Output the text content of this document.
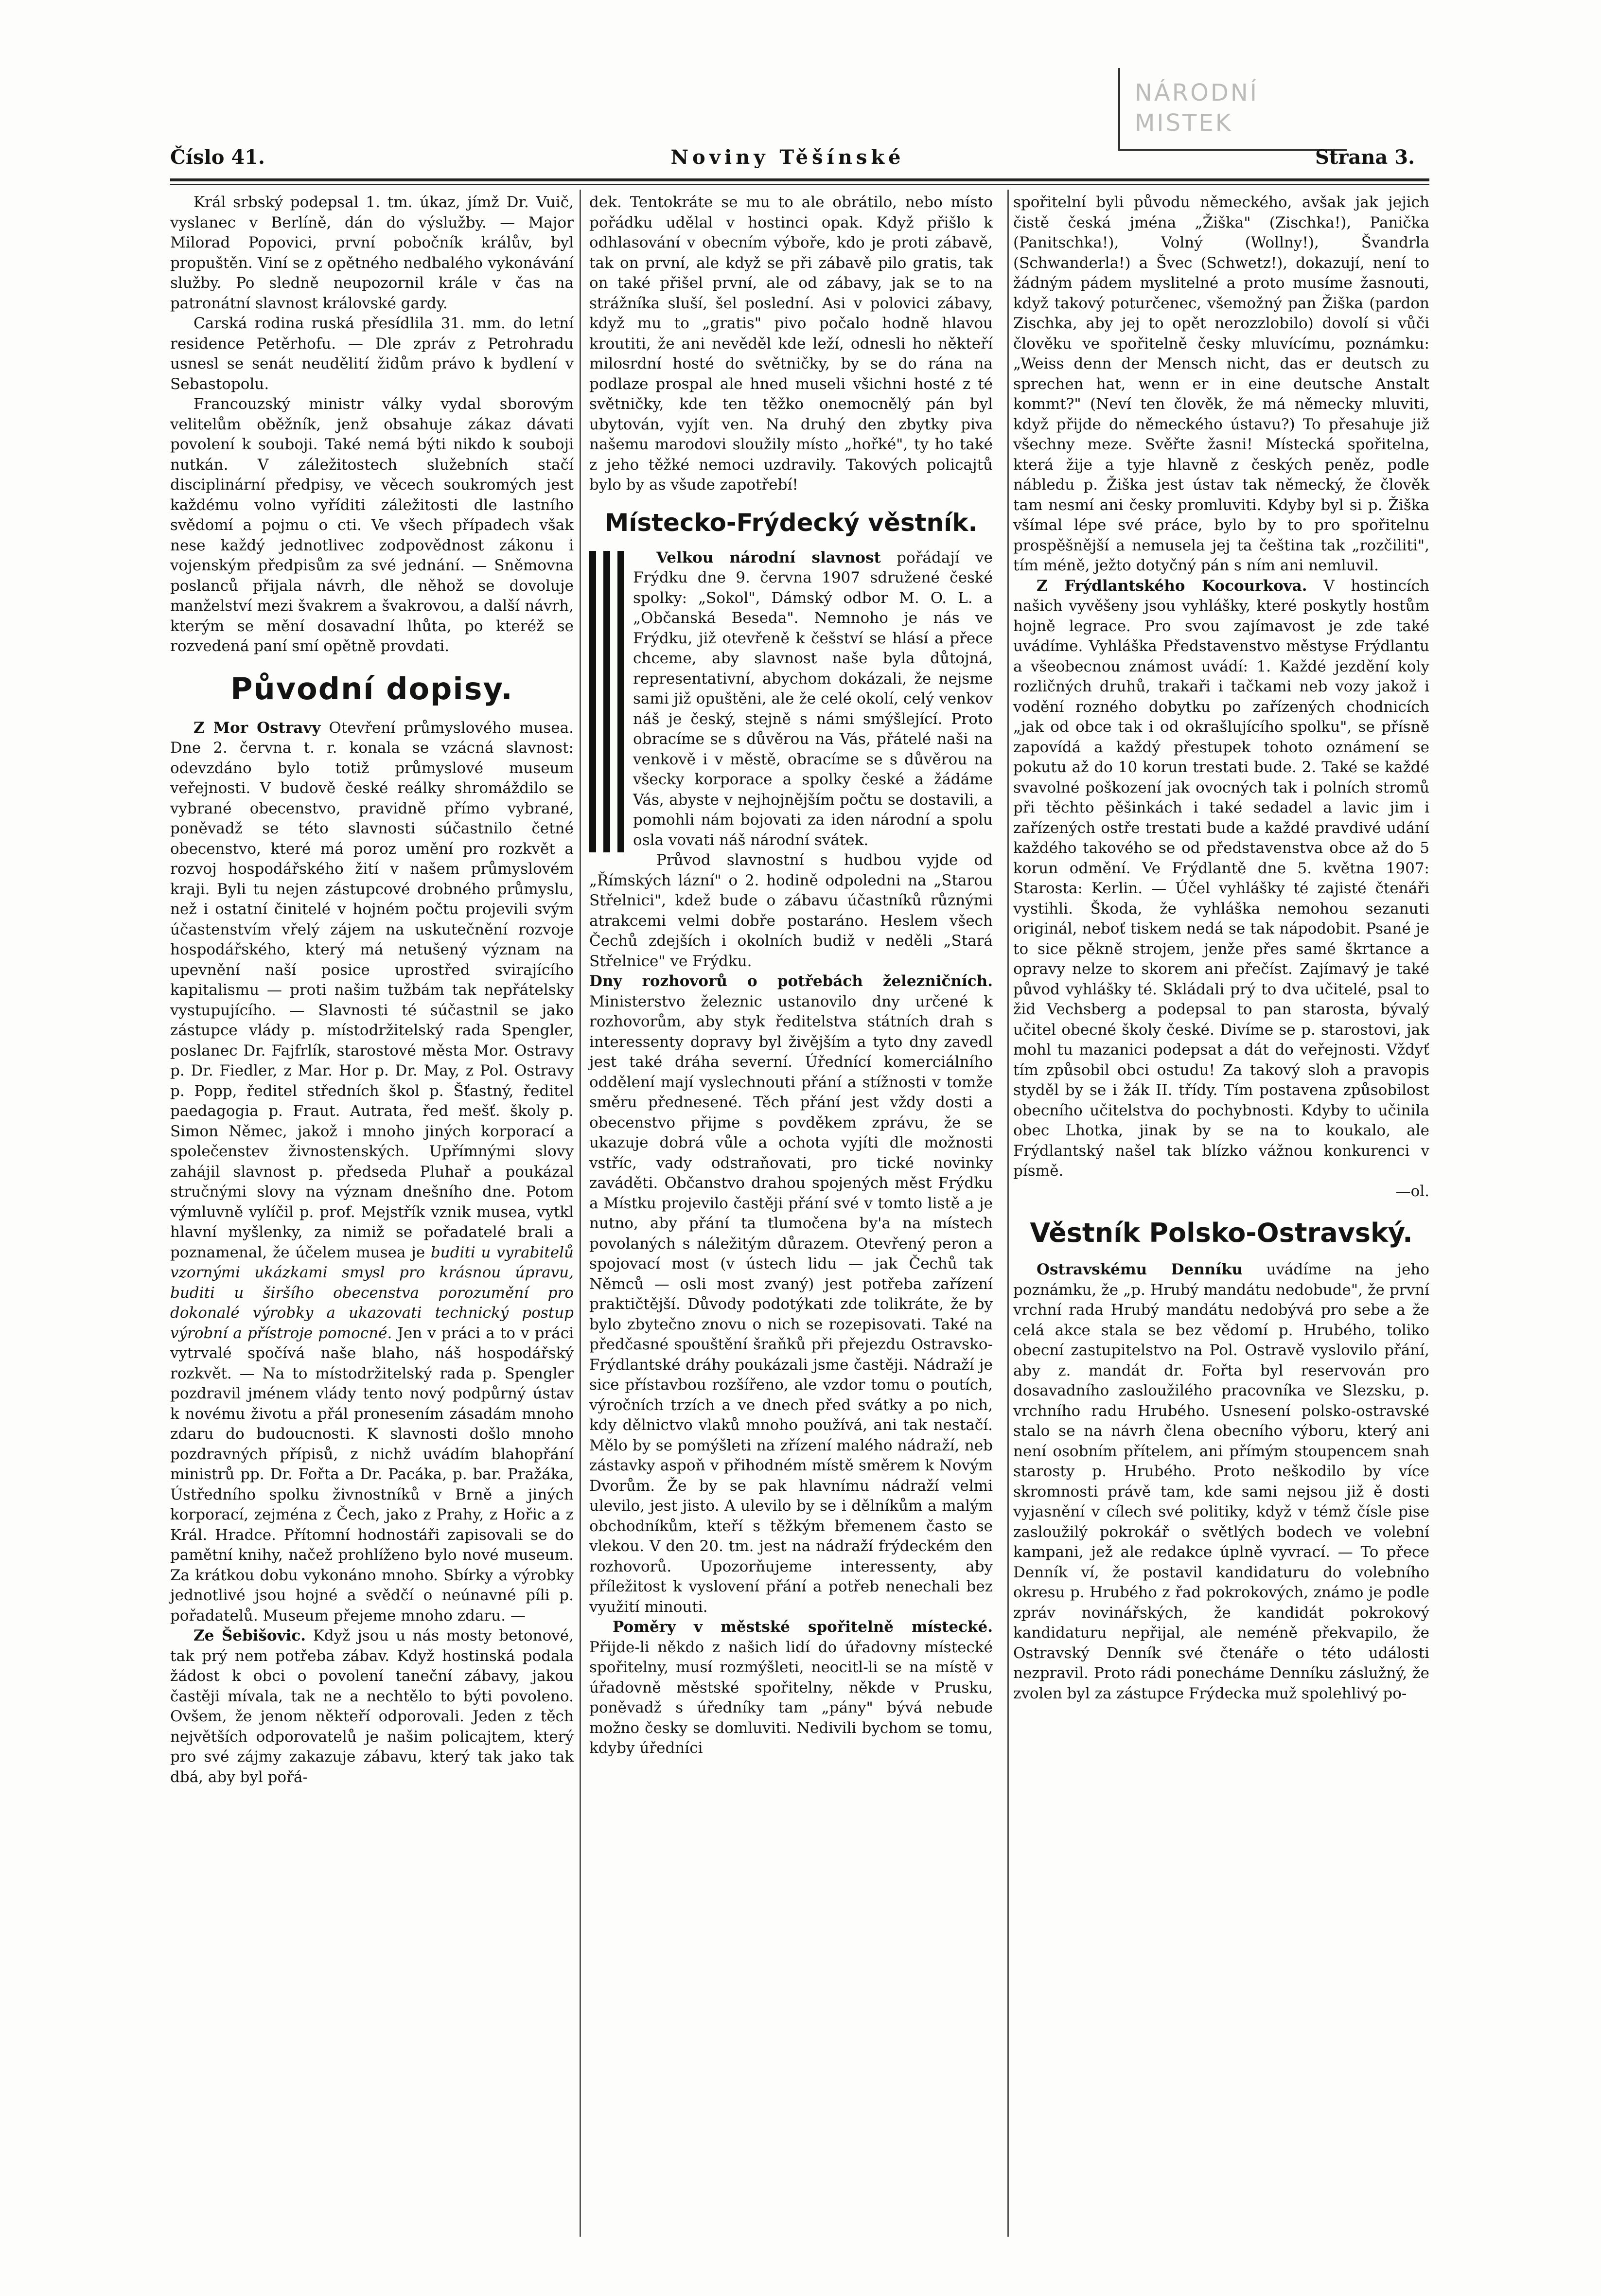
NÁRODNÍ
MISTEK
Číslo 41.	Noviny Těšínské	Strana 3.

Král srbský podepsal 1. tm. úkaz, jímž Dr. Vuič, vyslanec v Berlíně, dán do výslužby. — Major Milorad Popovici, první pobočník králův, byl propuštěn. Viní se z opětného nedbalého vykonávání služby. Po sledně neupozornil krále v čas na patronátní slavnost královské gardy.

Carská rodina ruská přesídlila 31. mm. do letní residence Petěrhofu. — Dle zpráv z Petrohradu usnesl se senát neudělití židům právo k bydlení v Sebastopolu.

Francouzský ministr války vydal sborovým velitelům oběžník, jenž obsahuje zákaz dávati povolení k souboji. Také nemá býti nikdo k souboji nutkán. V záležitostech služebních stačí disciplinární předpisy, ve věcech soukromých jest každému volno vyříditi záležitosti dle lastního svědomí a pojmu o cti. Ve všech případech však nese každý jednotlivec zodpovědnost zákonu i vojenským předpisům za své jednání. — Sněmovna poslanců přijala návrh, dle něhož se dovoluje manželství mezi švakrem a švakrovou, a další návrh, kterým se mění dosavadní lhůta, po kteréž se rozvedená paní smí opětně provdati.

Původní dopisy.

Z Mor Ostravy Otevření průmyslového musea. Dne 2. června t. r. konala se vzácná slavnost: odevzdáno bylo totiž průmyslové museum veřejnosti. V budově české reálky shromáždilo se vybrané obecenstvo, pravidně přímo vybrané, poněvadž se této slavnosti súčastnilo četné obecenstvo, které má poroz umění pro rozkvět a rozvoj hospodářského žití v našem průmyslovém kraji. Byli tu nejen zástupcové drobného průmyslu, než i ostatní činitelé v hojném počtu projevili svým účastenstvím vřelý zájem na uskutečnění rozvoje hospodářského, který má netušený význam na upevnění naší posice uprostřed svirajícího kapitalismu — proti našim tužbám tak nepřátelsky vystupujícího. — Slavnosti té súčastnil se jako zástupce vlády p. místodržitelský rada Spengler, poslanec Dr. Fajfrlík, starostové města Mor. Ostravy p. Dr. Fiedler, z Mar. Hor p. Dr. May, z Pol. Ostravy p. Popp, ředitel středních škol p. Šťastný, ředitel paedagogia p. Fraut. Autrata, řed mešť. školy p. Simon Němec, jakož i mnoho jiných korporací a společenstev živnostenských. Upřímnými slovy zahájil slavnost p. předseda Pluhař a poukázal stručnými slovy na význam dnešního dne. Potom výmluvně vylíčil p. prof. Mejstřík vznik musea, vytkl hlavní myšlenky, za nimiž se pořadatelé brali a poznamenal, že účelem musea je buditi u vyrabitelů vzornými ukázkami smysl pro krásnou úpravu, buditi u širšího obecenstva porozumění pro dokonalé výrobky a ukazovati technický postup výrobní a přístroje pomocné. Jen v práci a to v práci vytrvalé spočívá naše blaho, náš hospodářský rozkvět. — Na to místodržitelský rada p. Spengler pozdravil jménem vlády tento nový podpůrný ústav k novému životu a přál pronesením zásadám mnoho zdaru do budoucnosti. K slavnosti došlo mnoho pozdravných přípisů, z nichž uvádím blahopřání ministrů pp. Dr. Fořta a Dr. Pacáka, p. bar. Pražáka, Ústředního spolku živnostníků v Brně a jiných korporací, zejména z Čech, jako z Prahy, z Hořic a z Král. Hradce. Přítomní hodnostáři zapisovali se do pamětní knihy, načež prohlíženo bylo nové museum. Za krátkou dobu vykonáno mnoho. Sbírky a výrobky jednotlivé jsou hojné a svědčí o neúnavné píli p. pořadatelů. Museum přejeme mnoho zdaru. —

Ze Šebišovic. Když jsou u nás mosty betonové, tak prý nem potřeba zábav. Když hostinská podala žádost k obci o povolení taneční zábavy, jakou častěji mívala, tak ne a nechtělo to býti povoleno. Ovšem, že jenom někteří odporovali. Jeden z těch největších odporovatelů je našim policajtem, který pro své zájmy zakazuje zábavu, který tak jako tak dbá, aby byl pořá-

dek. Tentokráte se mu to ale obrátilo, nebo místo pořádku udělal v hostinci opak. Když přišlo k odhlasování v obecním výboře, kdo je proti zábavě, tak on první, ale když se při zábavě pilo gratis, tak on také přišel první, ale od zábavy, jak se to na strážníka sluší, šel poslední. Asi v polovici zábavy, když mu to „gratis" pivo počalo hodně hlavou kroutiti, že ani nevěděl kde leží, odnesli ho někteří milosrdní hosté do světničky, by se do rána na podlaze prospal ale hned museli všichni hosté z té světničky, kde ten těžko onemocnělý pán byl ubytován, vyjít ven. Na druhý den zbytky piva našemu marodovi sloužily místo „hořké", ty ho také z jeho těžké nemoci uzdravily. Takových policajtů bylo by as všude zapotřebí!

Místecko-Frýdecký věstník.

Velkou národní slavnost pořádají ve Frýdku dne 9. června 1907 sdružené české spolky: „Sokol", Dámský odbor M. O. L. a „Občanská Beseda". Nemnoho je nás ve Frýdku, již otevřeně k češství se hlásí a přece chceme, aby slavnost naše byla důtojná, representativní, abychom dokázali, že nejsme sami již opuštěni, ale že celé okolí, celý venkov náš je český, stejně s námi smýšlející. Proto obracíme se s důvěrou na Vás, přátelé naši na venkově i v městě, obracíme se s důvěrou na všecky korporace a spolky české a žádáme Vás, abyste v nejhojnějším počtu se dostavili, a pomohli nám bojovati za iden národní a spolu osla vovati náš národní svátek.

Průvod slavnostní s hudbou vyjde od „Římských lázní" o 2. hodině odpoledni na „Starou Střelnici", kdež bude o zábavu účastníků různými atrakcemi velmi dobře postaráno. Heslem všech Čechů zdejších i okolních budiž v neděli „Stará Střelnice" ve Frýdku.

Dny rozhovorů o potřebách železničních. Ministerstvo železnic ustanovilo dny určené k rozhovorům, aby styk ředitelstva státních drah s interessenty dopravy byl živějším a tyto dny zavedl jest také dráha severní. Úřednící komerciálního oddělení mají vyslechnouti přání a stížnosti v tomže směru přednesené. Těch přání jest vždy dosti a obecenstvo přijme s povděkem zprávu, že se ukazuje dobrá vůle a ochota vyjíti dle možnosti vstříc, vady odstraňovati, pro tické novinky zaváděti. Občanstvo drahou spojených měst Frýdku a Místku projevilo častěji přání své v tomto listě a je nutno, aby přání ta tlumočena by'a na místech povolaných s náležitým důrazem. Otevřený peron a spojovací most (v ústech lidu — jak Čechů tak Němců — osli most zvaný) jest potřeba zařízení praktičtější. Důvody podotýkati zde tolikráte, že by bylo zbytečno znovu o nich se rozepisovati. Také na předčasné spouštění šraňků při přejezdu Ostravsko-Frýdlantské dráhy poukázali jsme častěji. Nádraží je sice přístavbou rozšířeno, ale vzdor tomu o poutích, výročních trzích a ve dnech před svátky a po nich, kdy dělnictvo vlaků mnoho používá, ani tak nestačí. Mělo by se pomýšleti na zřízení malého nádraží, neb zástavky aspoň v přihodném místě směrem k Novým Dvorům. Že by se pak hlavnímu nádraží velmi ulevilo, jest jisto. A ulevilo by se i dělníkům a malým obchodníkům, kteří s těžkým břemenem často se vlekou. V den 20. tm. jest na nádraží frýdeckém den rozhovorů. Upozorňujeme interessenty, aby příležitost k vyslovení přání a potřeb nenechali bez využití minouti.

Poměry v městské spořitelně místecké. Přijde-li někdo z našich lidí do úřadovny místecké spořitelny, musí rozmýšleti, neocitl-li se na místě v úřadovně městské spořitelny, někde v Prusku, poněvadž s úředníky tam „pány" bývá nebude možno česky se domluviti. Nedivili bychom se tomu, kdyby úředníci

spořitelní byli původu německého, avšak jak jejich čistě česká jména „Žiška" (Zischka!), Panička (Panitschka!), Volný (Wollny!), Švandrla (Schwanderla!) a Švec (Schwetz!), dokazují, není to žádným pádem myslitelné a proto musíme žasnouti, když takový poturčenec, všemožný pan Žiška (pardon Zischka, aby jej to opět nerozzlobilo) dovolí si vůči člověku ve spořitelně česky mluvícímu, poznámku: „Weiss denn der Mensch nicht, das er deutsch zu sprechen hat, wenn er in eine deutsche Anstalt kommt?" (Neví ten člověk, že má německy mluviti, když přijde do německého ústavu?) To přesahuje již všechny meze. Svěřte žasni! Místecká spořitelna, která žije a tyje hlavně z českých peněz, podle nábledu p. Žiška jest ústav tak německý, že člověk tam nesmí ani česky promluviti. Kdyby byl si p. Žiška všímal lépe své práce, bylo by to pro spořitelnu prospěšnější a nemusela jej ta čeština tak „rozčiliti", tím méně, ježto dotyčný pán s ním ani nemluvil.

Z Frýdlantského Kocourkova. V hostincích našich vyvěšeny jsou vyhlášky, které poskytly hostům hojně legrace. Pro svou zajímavost je zde také uvádíme. Vyhláška Představenstvo městyse Frýdlantu a všeobecnou známost uvádí: 1. Každé jezdění koly rozličných druhů, trakaři i tačkami neb vozy jakož i vodění rozného dobytku po zařízených chodnicích „jak od obce tak i od okrašlujícího spolku", se přísně zapovídá a každý přestupek tohoto oznámení se pokutu až do 10 korun trestati bude. 2. Také se každé svavolné poškození jak ovocných tak i polních stromů při těchto pěšinkách i také sedadel a lavic jim i zařízených ostře trestati bude a každé pravdivé udání každého takového se od představenstva obce až do 5 korun odmění. Ve Frýdlantě dne 5. května 1907: Starosta: Kerlin. — Účel vyhlášky té zajisté čtenáři vystihli. Škoda, že vyhláška nemohou sezanuti originál, neboť tiskem nedá se tak nápodobit. Psané je to sice pěkně strojem, jenže přes samé škrtance a opravy nelze to skorem ani přečíst. Zajímavý je také původ vyhlášky té. Skládali prý to dva učitelé, psal to žid Vechsberg a podepsal to pan starosta, bývalý učitel obecné školy české. Divíme se p. starostovi, jak mohl tu mazanici podepsat a dát do veřejnosti. Vždyť tím způsobil obci ostudu! Za takový sloh a pravopis styděl by se i žák II. třídy. Tím postavena způsobilost obecního učitelstva do pochybnosti. Kdyby to učinila obec Lhotka, jinak by se na to koukalo, ale Frýdlantský našel tak blízko vážnou konkurenci v písmě.

—ol.
Věstník Polsko-Ostravský.

Ostravskému Denníku uvádíme na jeho poznámku, že „p. Hrubý mandátu nedobude", že první vrchní rada Hrubý mandátu nedobývá pro sebe a že celá akce stala se bez vědomí p. Hrubého, toliko obecní zastupitelstvo na Pol. Ostravě vyslovilo přání, aby z. mandát dr. Fořta byl reservován pro dosavadního zasloužilého pracovníka ve Slezsku, p. vrchního radu Hrubého. Usnesení polsko-ostravské stalo se na návrh člena obecního výboru, který ani není osobním přítelem, ani přímým stoupencem snah starosty p. Hrubého. Proto neškodilo by více skromnosti právě tam, kde sami nejsou již ě dosti vyjasnění v cílech své politiky, když v témž čísle pise zasloužilý pokrokář o světlých bodech ve volební kampani, jež ale redakce úplně vyvrací. — To přece Denník ví, že postavil kandidaturu do volebního okresu p. Hrubého z řad pokrokových, známo je podle zpráv novinářských, že kandidát pokrokový kandidaturu nepřijal, ale neméně překvapilo, že Ostravský Denník své čtenáře o této události nezpravil. Proto rádi ponecháme Denníku záslužný, že zvolen byl za zástupce Frýdecka muž spolehlivý po-
